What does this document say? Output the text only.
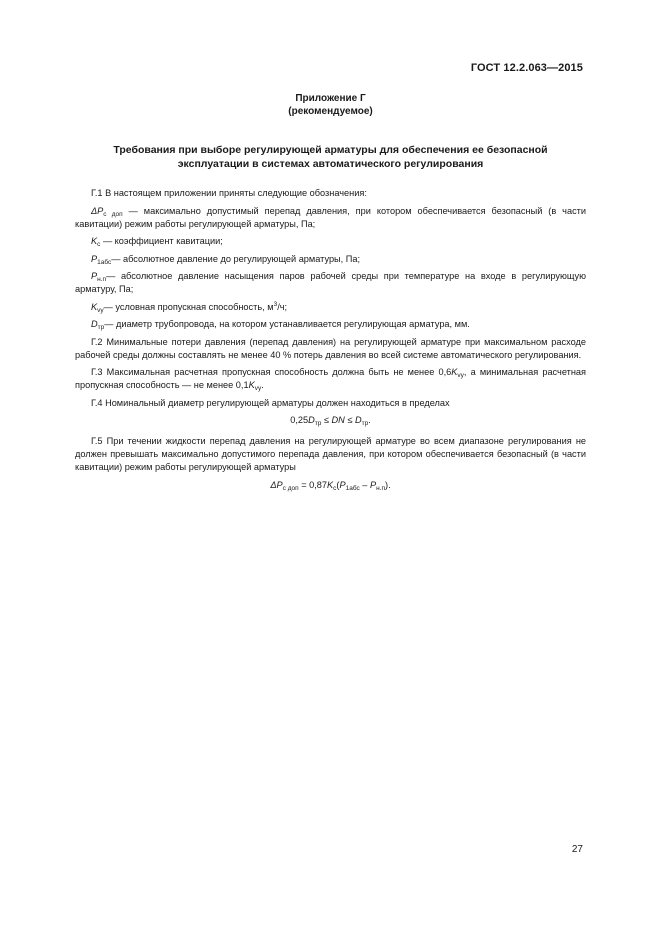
ГОСТ 12.2.063—2015
Приложение Г
(рекомендуемое)
Требования при выборе регулирующей арматуры для обеспечения ее безопасной
эксплуатации в системах автоматического регулирования

Г.1 В настоящем приложении приняты следующие обозначения:

$\Delta P_{с доп}$ — максимально допустимый перепад давления, при котором обеспечивается безопасный (в части кавитации) режим работы регулирующей арматуры, Па;

$K_c$ — коэффициент кавитации;

$P_{1абс}—$ абсолютное давление до регулирующей арматуры, Па;

$P_{н.п}—$ абсолютное давление насыщения паров рабочей среды при температуре на входе в регулирующую арматуру, Па;

$K_{vy}—$ условная пропускная способность, $м^3/ч$;

$D_{тр}—$ диаметр трубопровода, на котором устанавливается регулирующая арматура, мм.

Г.2 Минимальные потери давления (перепад давления) на регулирующей арматуре при максимальном расходе рабочей среды должны составлять не менее 40 % потерь давления во всей системе автоматического регулирования.

Г.3 Максимальная расчетная пропускная способность должна быть не менее $0,6K_{vy}$, а минимальная расчетная пропускная способность — не менее $0,1K_{vy}$.

Г.4 Номинальный диаметр регулирующей арматуры должен находиться в пределах

$0,25D_{тр}$ ≤ DN ≤ $D_{тр}$.

Г.5 При течении жидкости перепад давления на регулирующей арматуре во всем диапазоне регулирования не должен превышать максимально допустимого перепада давления, при котором обеспечивается безопасный (в части кавитации) режим работы регулирующей арматуры

$\Delta P_{с доп} = 0,87K_c(P_{1абс} - P_{н.п})$.

27
